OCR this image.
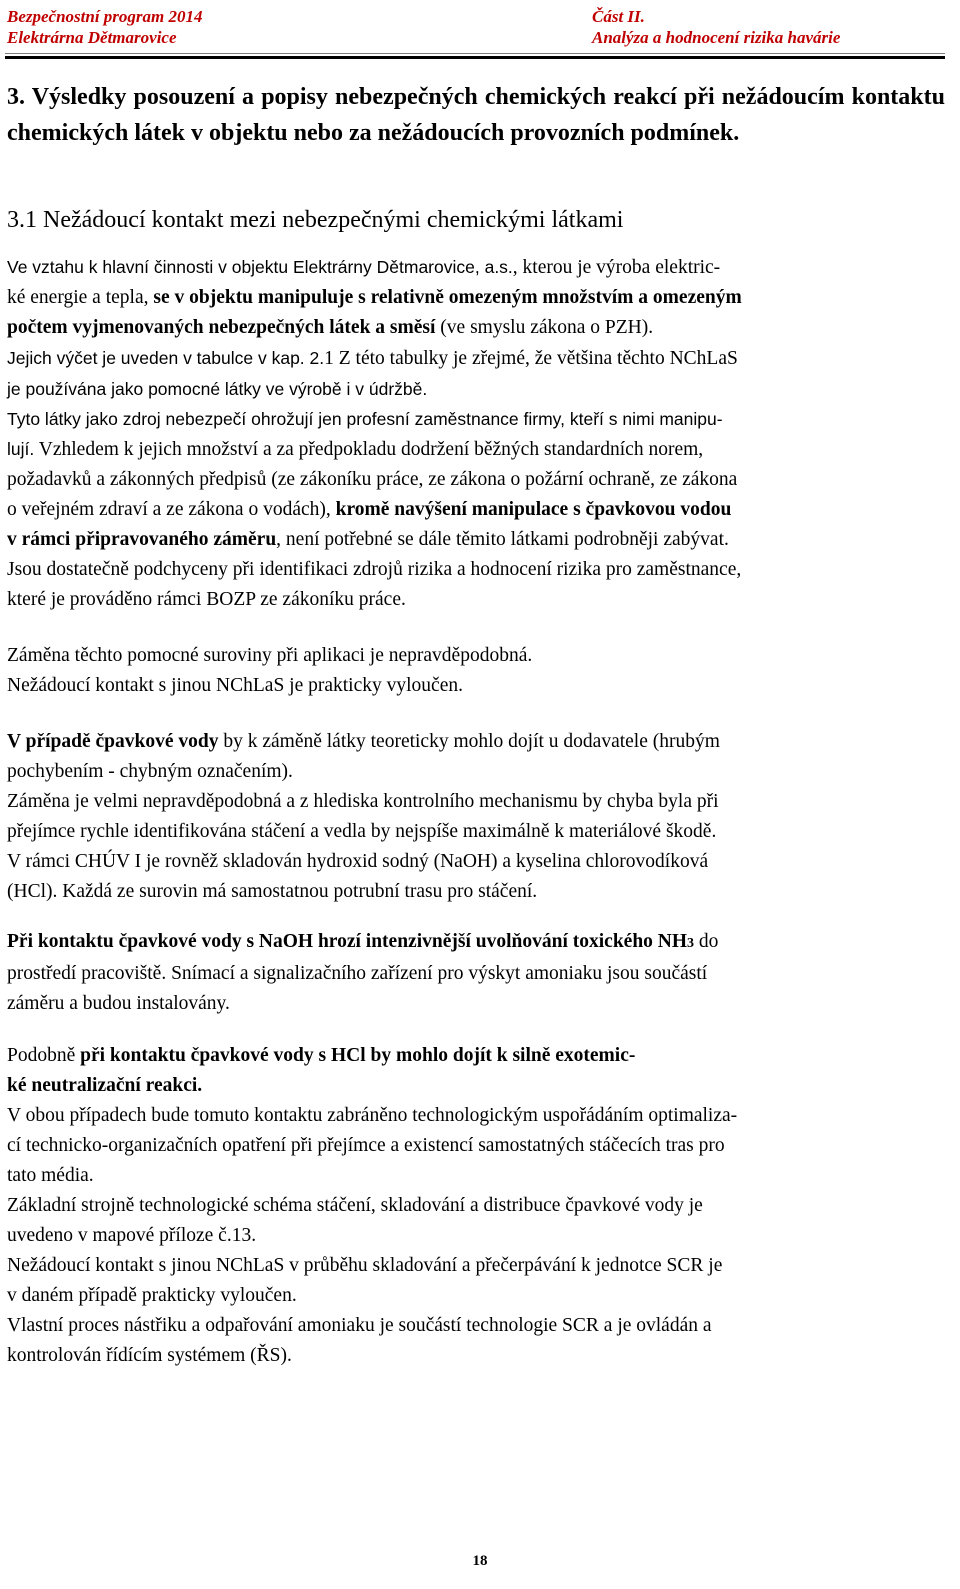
Bezpečnostní program 2014
Elektrárna Dětmarovice
Část II.
Analýza a hodnocení rizika havárie
3. Výsledky posouzení a popisy nebezpečných chemických reakcí při nežádoucím kontaktu chemických látek v objektu nebo za nežádoucích provozních podmínek.
3.1 Nežádoucí kontakt mezi nebezpečnými chemickými látkami
Ve vztahu k hlavní činnosti v objektu Elektrárny Dětmarovice, a.s., kterou je výroba elektric-
ké energie a tepla, se v objektu manipuluje s relativně omezeným množstvím a omezeným
počtem vyjmenovaných nebezpečných látek a směsí (ve smyslu zákona o PZH).
Jejich výčet je uveden v tabulce v kap. 2.1 Z této tabulky je zřejmé, že většina těchto NChLaS
je používána jako pomocné látky ve výrobě i v údržbě.
Tyto látky jako zdroj nebezpečí ohrožují jen profesní zaměstnance firmy, kteří s nimi manipu-
lují. Vzhledem k jejich množství a za předpokladu dodržení běžných standardních norem,
požadavků a zákonných předpisů (ze zákoníku práce, ze zákona o požární ochraně, ze zákona
o veřejném zdraví a ze zákona o vodách), kromě navýšení manipulace s čpavkovou vodou
v rámci připravovaného záměru, není potřebné se dále těmito látkami podrobněji zabývat.
Jsou dostatečně podchyceny při identifikaci zdrojů rizika a hodnocení rizika pro zaměstnance,
které je prováděno rámci BOZP ze zákoníku práce.
Záměna těchto pomocné suroviny při aplikaci je nepravděpodobná.
Nežádoucí kontakt s jinou NChLaS je prakticky vyloučen.
V případě čpavkové vody by k záměně látky teoreticky mohlo dojít u dodavatele (hrubým
pochybením - chybným označením).
Záměna je velmi nepravděpodobná a z hlediska kontrolního mechanismu by chyba byla při
přejímce rychle identifikována stáčení a vedla by nejspíše maximálně k materiálové škodě.
V rámci CHÚV I je rovněž skladován hydroxid sodný (NaOH) a kyselina chlorovodíková
(HCl). Každá ze surovin má samostatnou potrubní trasu pro stáčení.
Při kontaktu čpavkové vody s NaOH hrozí intenzivnější uvolňování toxického NH3 do
prostředí pracoviště. Snímací a signalizačního zařízení pro výskyt amoniaku jsou součástí
záměru a budou instalovány.
Podobně při kontaktu čpavkové vody s HCl by mohlo dojít k silně exotemic-
ké neutralizační reakci.
V obou případech bude tomuto kontaktu zabráněno technologickým uspořádáním optimaliza-
cí technicko-organizačních opatření při přejímce a existencí samostatných stáčecích tras pro
tato média.
Základní strojně technologické schéma stáčení, skladování a distribuce čpavkové vody je
uvedeno v mapové příloze č.13.
Nežádoucí kontakt s jinou NChLaS v průběhu skladování a přečerpávání k jednotce SCR je
v daném případě prakticky vyloučen.
Vlastní proces nástřiku a odpařování amoniaku je součástí technologie SCR a je ovládán a
kontrolován řídícím systémem (ŘS).
18
